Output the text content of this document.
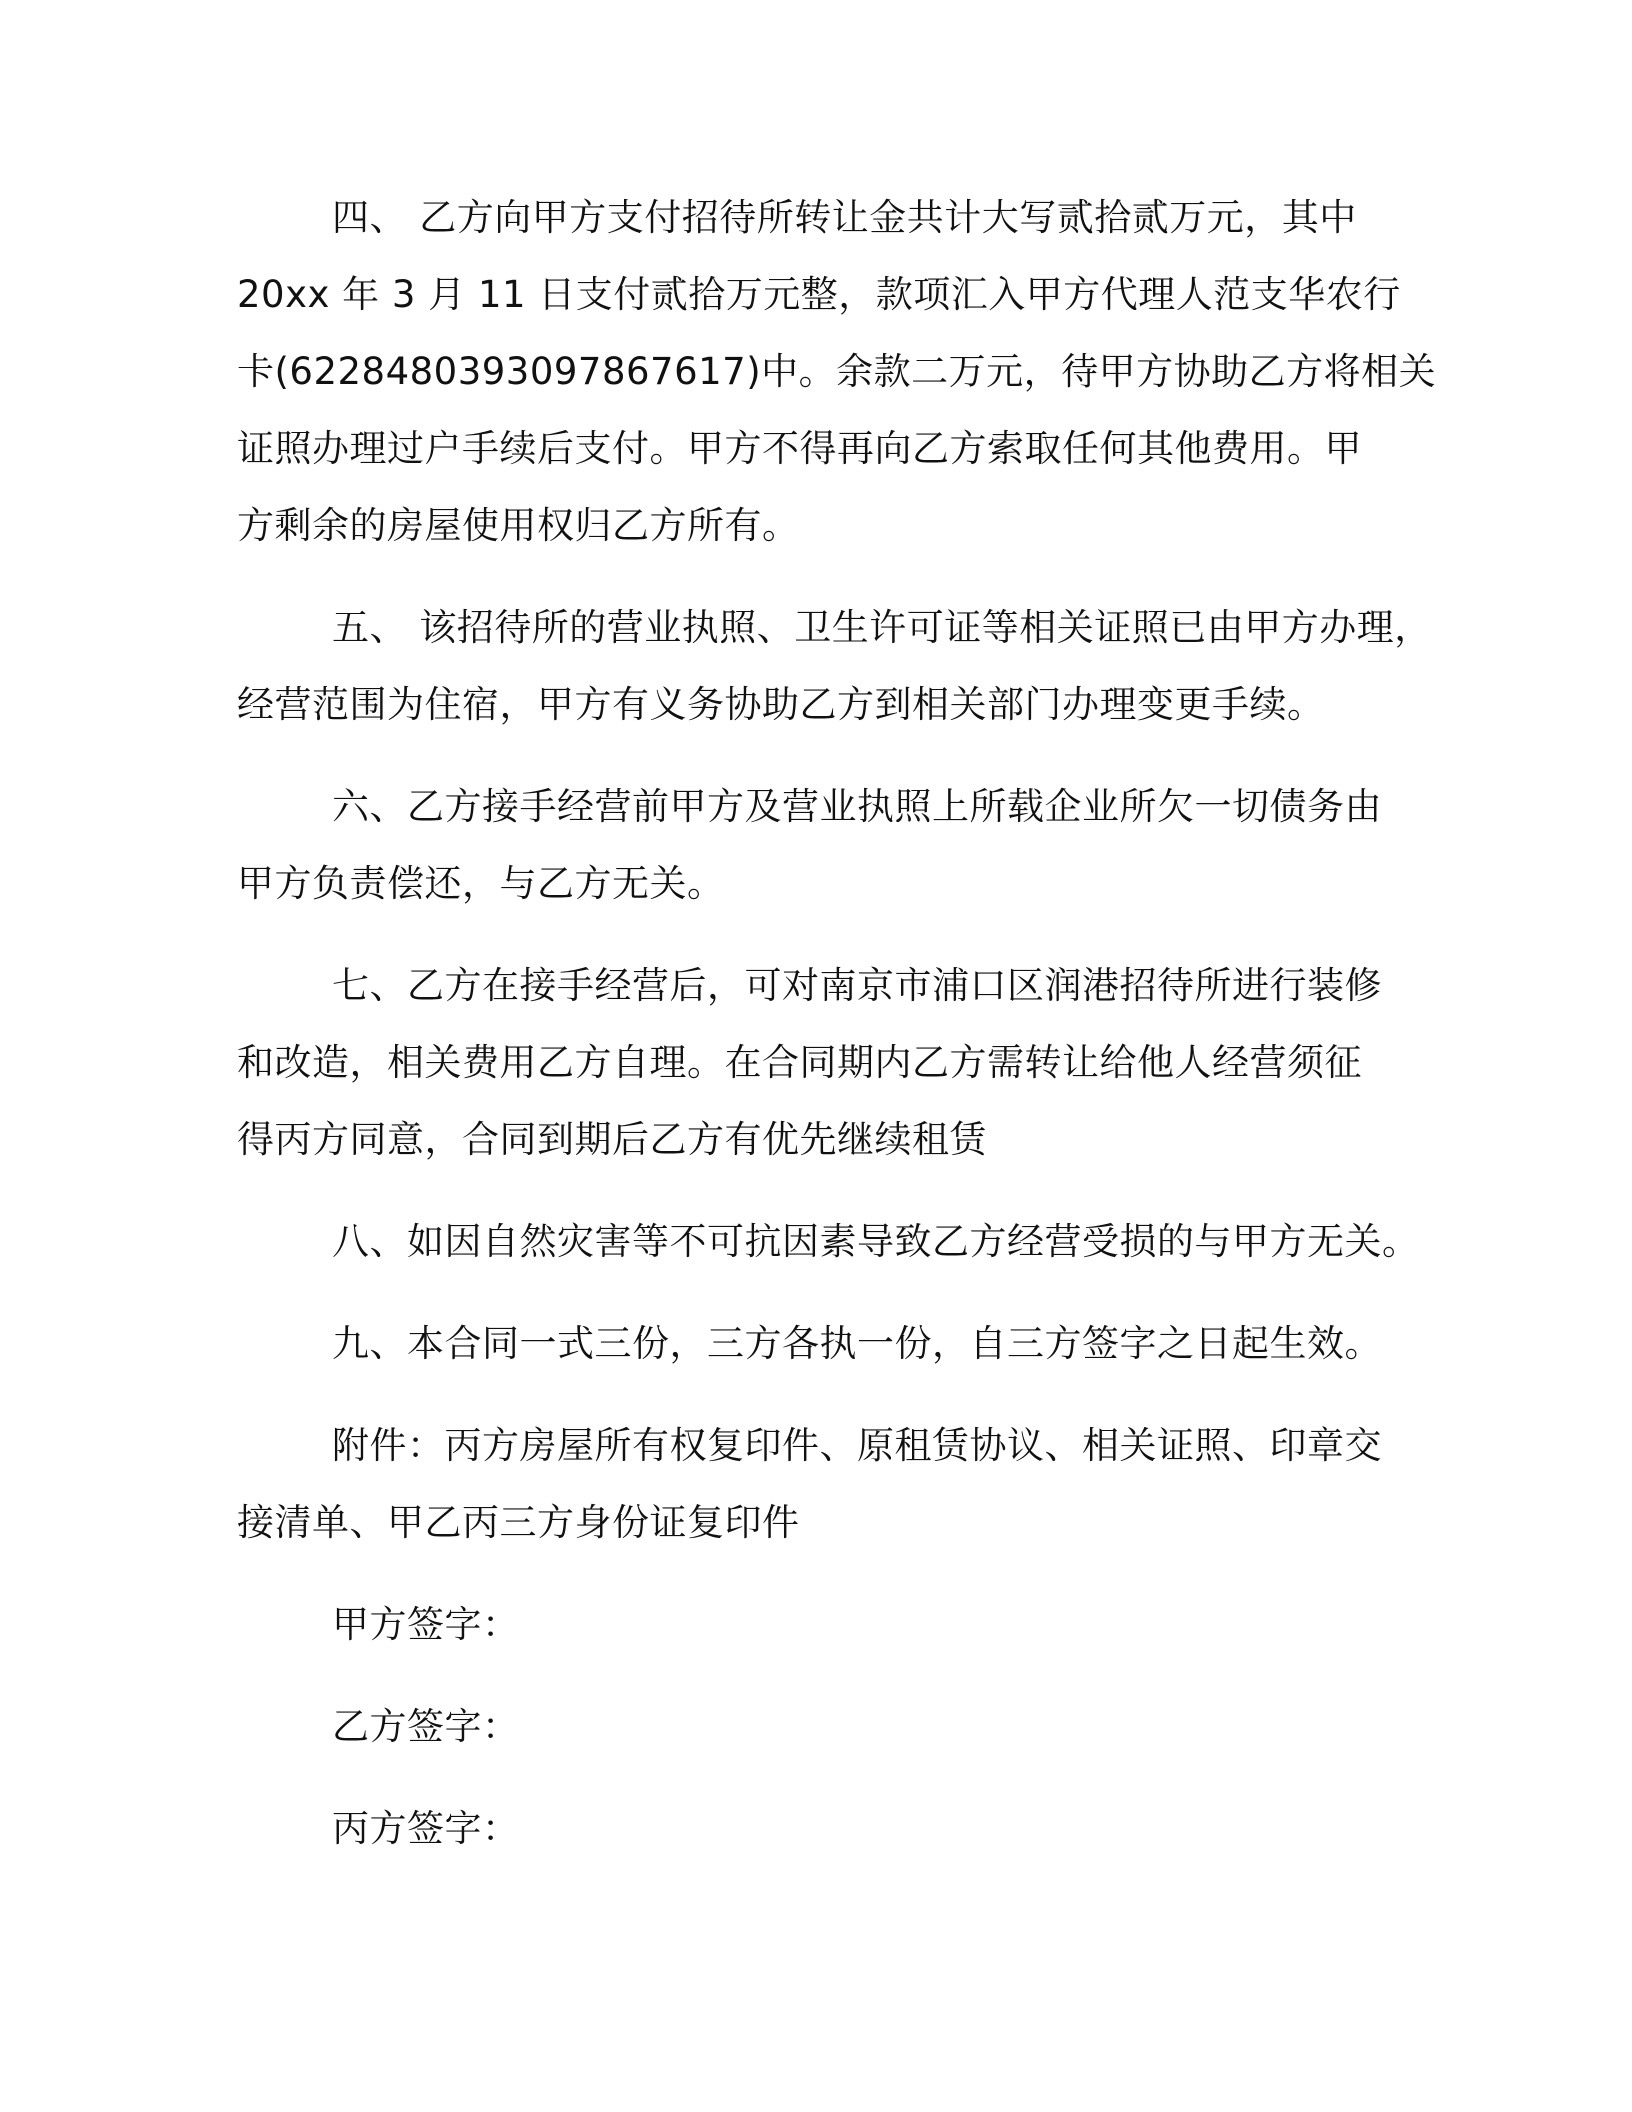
四、 乙方向甲方支付招待所转让金共计大写贰拾贰万元，其中
20xx 年 3 月 11 日支付贰拾万元整，款项汇入甲方代理人范支华农行
卡(6228480393097867617)中。余款二万元，待甲方协助乙方将相关
证照办理过户手续后支付。甲方不得再向乙方索取任何其他费用。甲
方剩余的房屋使用权归乙方所有。
五、 该招待所的营业执照、卫生许可证等相关证照已由甲方办理，
经营范围为住宿，甲方有义务协助乙方到相关部门办理变更手续。
六、乙方接手经营前甲方及营业执照上所载企业所欠一切债务由
甲方负责偿还，与乙方无关。
七、乙方在接手经营后，可对南京市浦口区润港招待所进行装修
和改造，相关费用乙方自理。在合同期内乙方需转让给他人经营须征
得丙方同意，合同到期后乙方有优先继续租赁
八、如因自然灾害等不可抗因素导致乙方经营受损的与甲方无关。
九、本合同一式三份，三方各执一份，自三方签字之日起生效。
附件：丙方房屋所有权复印件、原租赁协议、相关证照、印章交
接清单、甲乙丙三方身份证复印件
甲方签字：
乙方签字：
丙方签字：
